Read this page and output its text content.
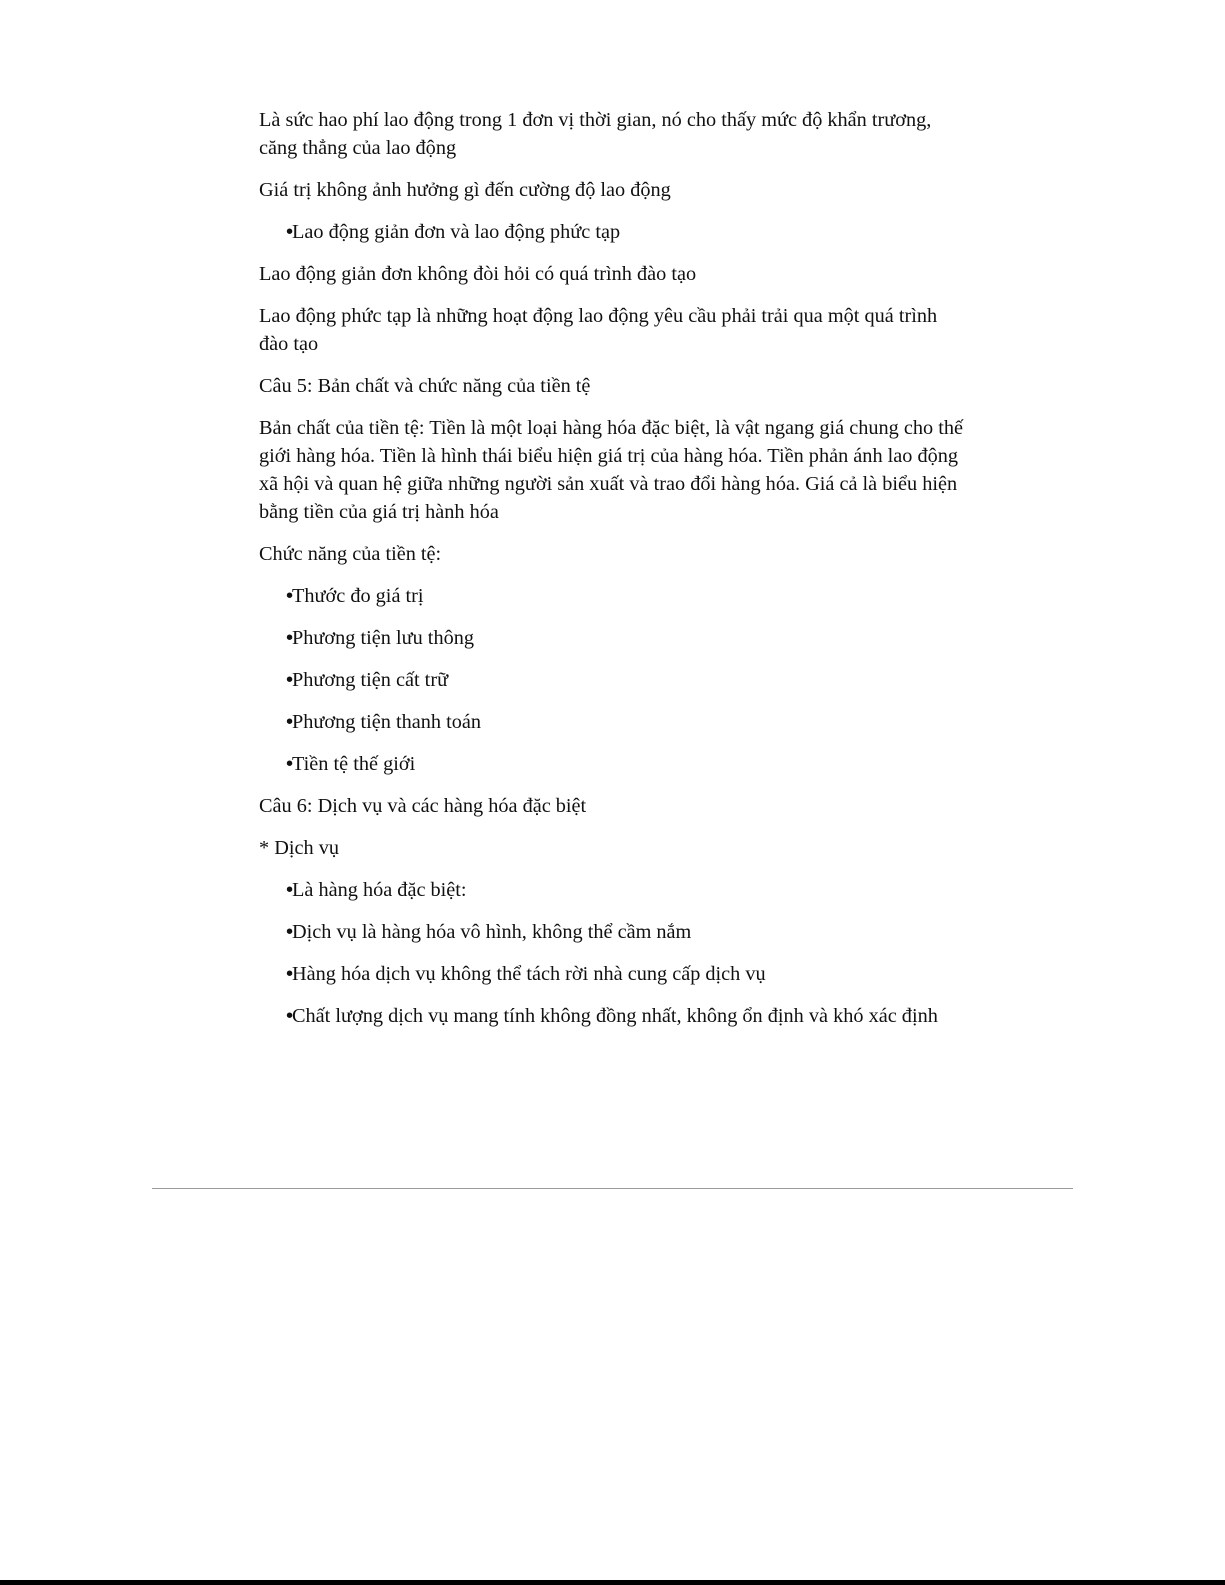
Là sức hao phí lao động trong 1 đơn vị thời gian, nó cho thấy mức độ khẩn trương, căng thẳng của lao động

Giá trị không ảnh hưởng gì đến cường độ lao động

•Lao động giản đơn và lao động phức tạp

Lao động giản đơn không đòi hỏi có quá trình đào tạo

Lao động phức tạp là những hoạt động lao động yêu cầu phải trải qua một quá trình đào tạo

Câu 5: Bản chất và chức năng của tiền tệ

Bản chất của tiền tệ: Tiền là một loại hàng hóa đặc biệt, là vật ngang giá chung cho thế giới hàng hóa. Tiền là hình thái biểu hiện giá trị của hàng hóa. Tiền phản ánh lao động xã hội và quan hệ giữa những người sản xuất và trao đổi hàng hóa. Giá cả là biểu hiện bằng tiền của giá trị hành hóa

Chức năng của tiền tệ:

•Thước đo giá trị

•Phương tiện lưu thông

•Phương tiện cất trữ

•Phương tiện thanh toán

•Tiền tệ thế giới

Câu 6: Dịch vụ và các hàng hóa đặc biệt

* Dịch vụ

•Là hàng hóa đặc biệt:

•Dịch vụ là hàng hóa vô hình, không thể cầm nắm

•Hàng hóa dịch vụ không thể tách rời nhà cung cấp dịch vụ

•Chất lượng dịch vụ mang tính không đồng nhất, không ổn định và khó xác định
